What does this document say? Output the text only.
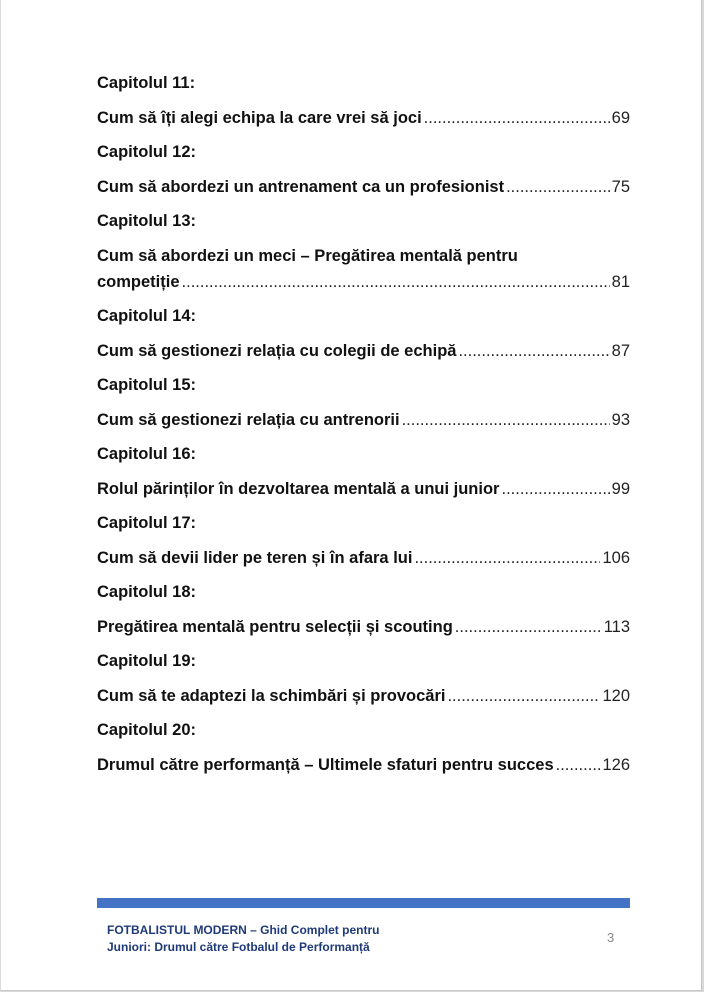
Capitolul 11:
Cum să îți alegi echipa la care vrei să joci .....	69
Capitolul 12:
Cum să abordezi un antrenament ca un profesionist .....	75
Capitolul 13:
Cum să abordezi un meci – Pregătirea mentală pentru
competiție .....	81
Capitolul 14:
Cum să gestionezi relația cu colegii de echipă .....	87
Capitolul 15:
Cum să gestionezi relația cu antrenorii .....	93
Capitolul 16:
Rolul părinților în dezvoltarea mentală a unui junior .....	99
Capitolul 17:
Cum să devii lider pe teren și în afara lui .....	106
Capitolul 18:
Pregătirea mentală pentru selecții și scouting .....	113
Capitolul 19:
Cum să te adaptezi la schimbări și provocări .....	120
Capitolul 20:
Drumul către performanță – Ultimele sfaturi pentru succes .....	126
FOTBALISTUL MODERN – Ghid Complet pentru
Juniori: Drumul către Fotbalul de Performanță
3
